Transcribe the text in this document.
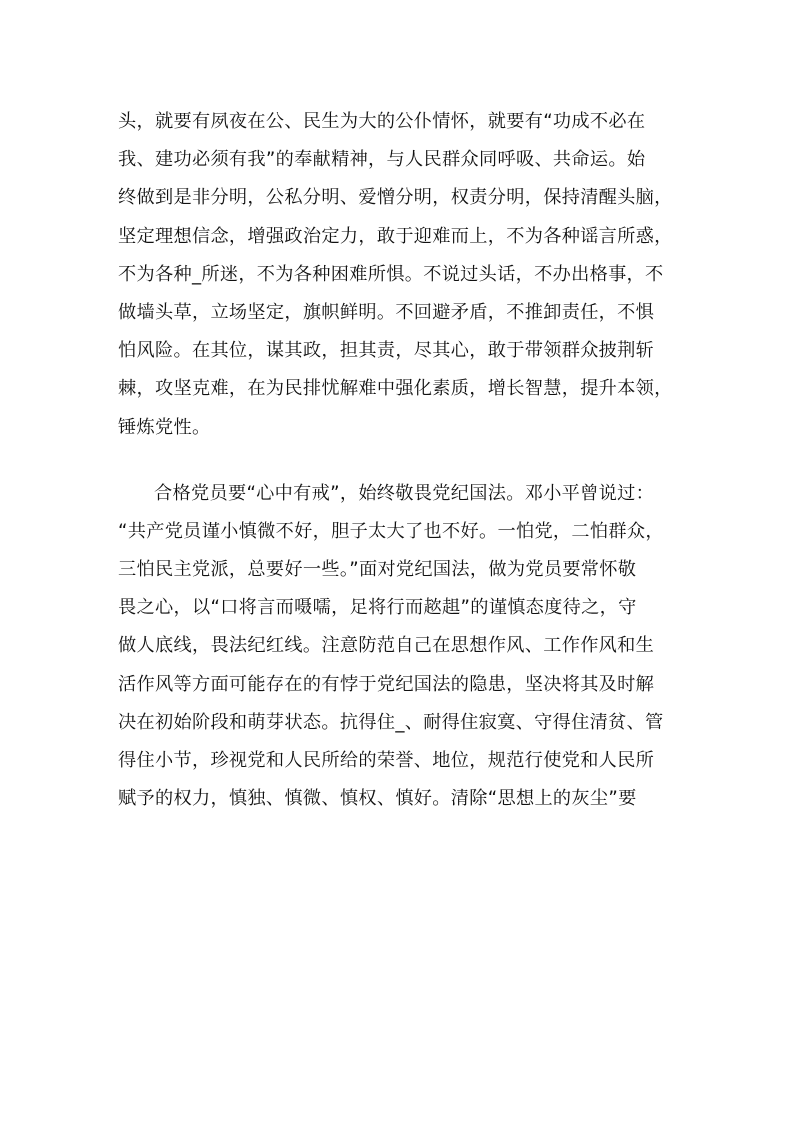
头，就要有夙夜在公、民生为大的公仆情怀，就要有“功成不必在
我、建功必须有我”的奉献精神，与人民群众同呼吸、共命运。始
终做到是非分明，公私分明、爱憎分明，权责分明，保持清醒头脑，
坚定理想信念，增强政治定力，敢于迎难而上，不为各种谣言所惑，
不为各种_所迷，不为各种困难所惧。不说过头话，不办出格事，不
做墙头草，立场坚定，旗帜鲜明。不回避矛盾，不推卸责任，不惧
怕风险。在其位，谋其政，担其责，尽其心，敢于带领群众披荆斩
棘，攻坚克难，在为民排忧解难中强化素质，增长智慧，提升本领，
锤炼党性。
合格党员要“心中有戒”，始终敬畏党纪国法。邓小平曾说过：
“共产党员谨小慎微不好，胆子太大了也不好。一怕党，二怕群众，
三怕民主党派，总要好一些。”面对党纪国法，做为党员要常怀敬
畏之心，以“口将言而嗫嚅，足将行而趑趄”的谨慎态度待之，守
做人底线，畏法纪红线。注意防范自己在思想作风、工作作风和生
活作风等方面可能存在的有悖于党纪国法的隐患，坚决将其及时解
决在初始阶段和萌芽状态。抗得住_、耐得住寂寞、守得住清贫、管
得住小节，珍视党和人民所给的荣誉、地位，规范行使党和人民所
赋予的权力，慎独、慎微、慎权、慎好。清除“思想上的灰尘”要
